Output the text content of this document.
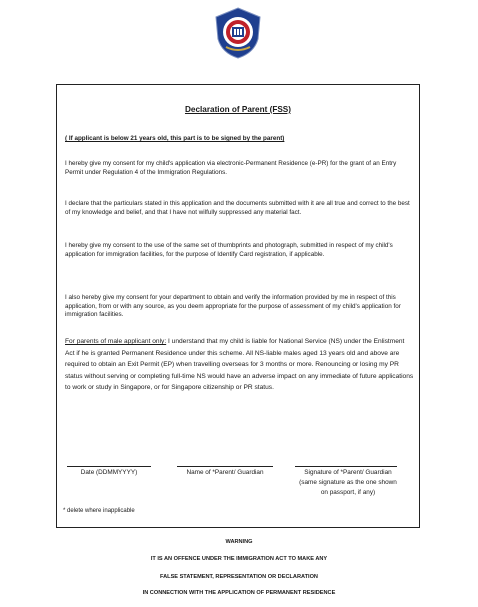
Declaration of Parent (FSS)
( If applicant is below 21 years old, this part is to be signed by the parent)
I hereby give my consent for my child's application via electronic-Permanent Residence (e-PR) for the grant of an Entry Permit under Regulation 4 of the Immigration Regulations.
I declare that the particulars stated in this application and the documents submitted with it are all true and correct to the best of my knowledge and belief, and that I have not wilfully suppressed any material fact.
I hereby give my consent to the use of the same set of thumbprints and photograph, submitted in respect of my child's application for immigration facilities, for the purpose of Identify Card registration, if applicable.
I also hereby give my consent for your department to obtain and verify the information provided by me in respect of this application, from or with any source, as you deem appropriate for the purpose of assessment of my child's application for immigration facilities.
For parents of male applicant only: I understand that my child is liable for National Service (NS) under the Enlistment Act if he is granted Permanent Residence under this scheme. All NS-liable males aged 13 years old and above are required to obtain an Exit Permit (EP) when travelling overseas for 3 months or more. Renouncing or losing my PR status without serving or completing full-time NS would have an adverse impact on any immediate of future applications to work or study in Singapore, or for Singapore citizenship or PR status.
Date (DDMMYYYY)	Name of *Parent/ Guardian	Signature of *Parent/ Guardian
(same signature as the one shown
on passport, if any)
* delete where inapplicable
WARNING
IT IS AN OFFENCE UNDER THE IMMIGRATION ACT TO MAKE ANY
FALSE STATEMENT, REPRESENTATION OR DECLARATION
IN CONNECTION WITH THE APPLICATION OF PERMANENT RESIDENCE
